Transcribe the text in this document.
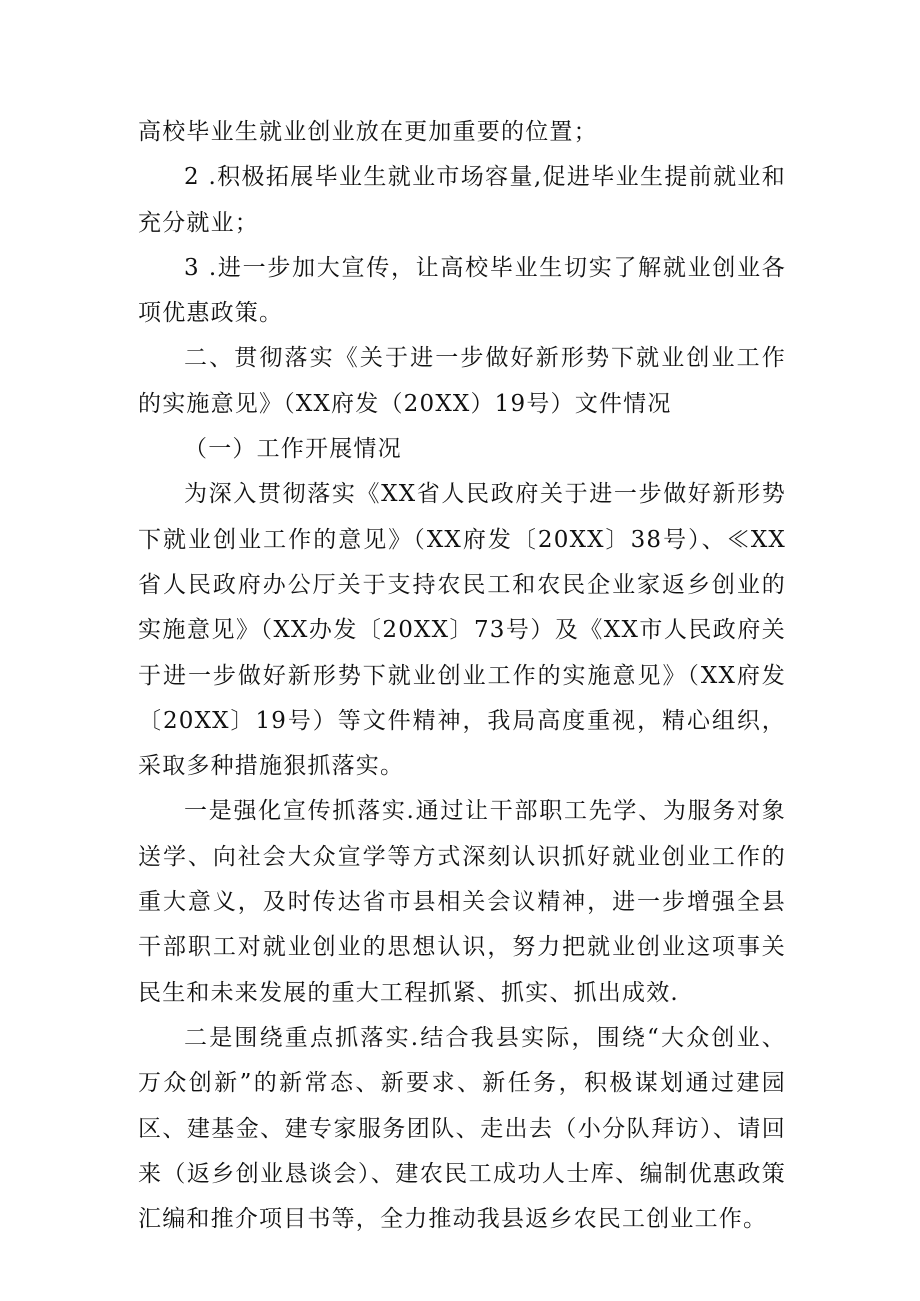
高校毕业生就业创业放在更加重要的位置；

2 .积极拓展毕业生就业市场容量,促进毕业生提前就业和充分就业；

3 .进一步加大宣传，让高校毕业生切实了解就业创业各项优惠政策。

二、贯彻落实《关于进一步做好新形势下就业创业工作的实施意见》（XX府发（20XX）19号）文件情况

（一）工作开展情况

为深入贯彻落实《XX省人民政府关于进一步做好新形势下就业创业工作的意见》（XX府发〔20XX〕38号）、≪XX省人民政府办公厅关于支持农民工和农民企业家返乡创业的实施意见》（XX办发〔20XX〕73号）及《XX市人民政府关于进一步做好新形势下就业创业工作的实施意见》（XX府发〔20XX〕19号）等文件精神，我局高度重视，精心组织，采取多种措施狠抓落实。

一是强化宣传抓落实.通过让干部职工先学、为服务对象送学、向社会大众宣学等方式深刻认识抓好就业创业工作的重大意义，及时传达省市县相关会议精神，进一步增强全县干部职工对就业创业的思想认识，努力把就业创业这项事关民生和未来发展的重大工程抓紧、抓实、抓出成效.

二是围绕重点抓落实.结合我县实际，围绕“大众创业、万众创新”的新常态、新要求、新任务，积极谋划通过建园区、建基金、建专家服务团队、走出去（小分队拜访）、请回来（返乡创业恳谈会）、建农民工成功人士库、编制优惠政策汇编和推介项目书等，全力推动我县返乡农民工创业工作。
